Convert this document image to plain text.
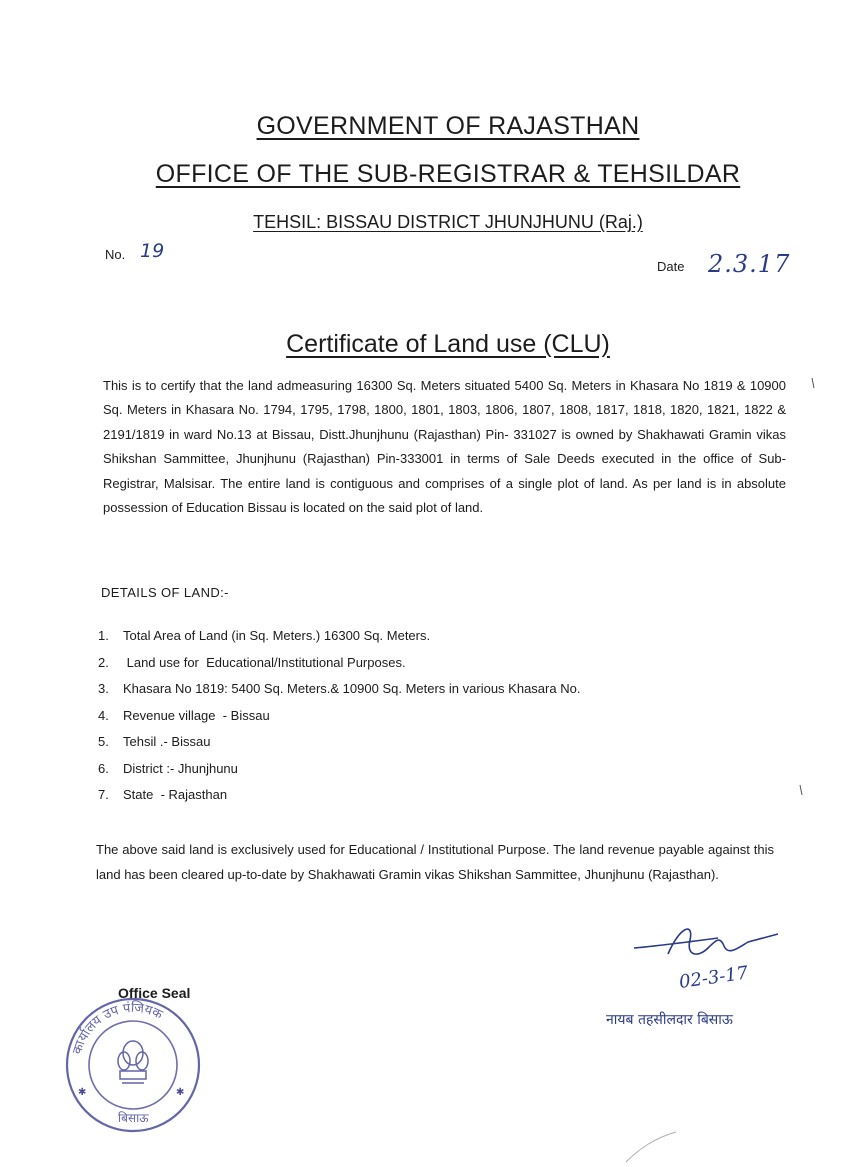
GOVERNMENT OF RAJASTHAN
OFFICE OF THE SUB-REGISTRAR & TEHSILDAR
TEHSIL: BISSAU DISTRICT JHUNJHUNU (Raj.)
No. 19
Date 2.3.17
Certificate of Land use (CLU)
This is to certify that the land admeasuring 16300 Sq. Meters situated 5400 Sq. Meters in Khasara No 1819 & 10900 Sq. Meters in Khasara No. 1794, 1795, 1798, 1800, 1801, 1803, 1806, 1807, 1808, 1817, 1818, 1820, 1821, 1822 & 2191/1819 in ward No.13 at Bissau, Distt.Jhunjhunu (Rajasthan) Pin- 331027 is owned by Shakhawati Gramin vikas Shikshan Sammittee, Jhunjhunu (Rajasthan) Pin-333001 in terms of Sale Deeds executed in the office of Sub- Registrar, Malsisar. The entire land is contiguous and comprises of a single plot of land. As per land is in absolute possession of Education Bissau is located on the said plot of land.
DETAILS OF LAND:-
1. Total Area of Land (in Sq. Meters.) 16300 Sq. Meters.
2. Land use for  Educational/Institutional Purposes.
3. Khasara No 1819: 5400 Sq. Meters.& 10900 Sq. Meters in various Khasara No.
4. Revenue village  - Bissau
5. Tehsil .- Bissau
6. District :- Jhunjhunu
7. State  - Rajasthan
The above said land is exclusively used for Educational / Institutional Purpose. The land revenue payable against this land has been cleared up-to-date by Shakhawati Gramin vikas Shikshan Sammittee, Jhunjhunu (Rajasthan).
कार्यालय उप पंजियक
बिसाऊ
✱	✱
Office Seal
02-3-17
नायब तहसीलदार बिसाऊ
